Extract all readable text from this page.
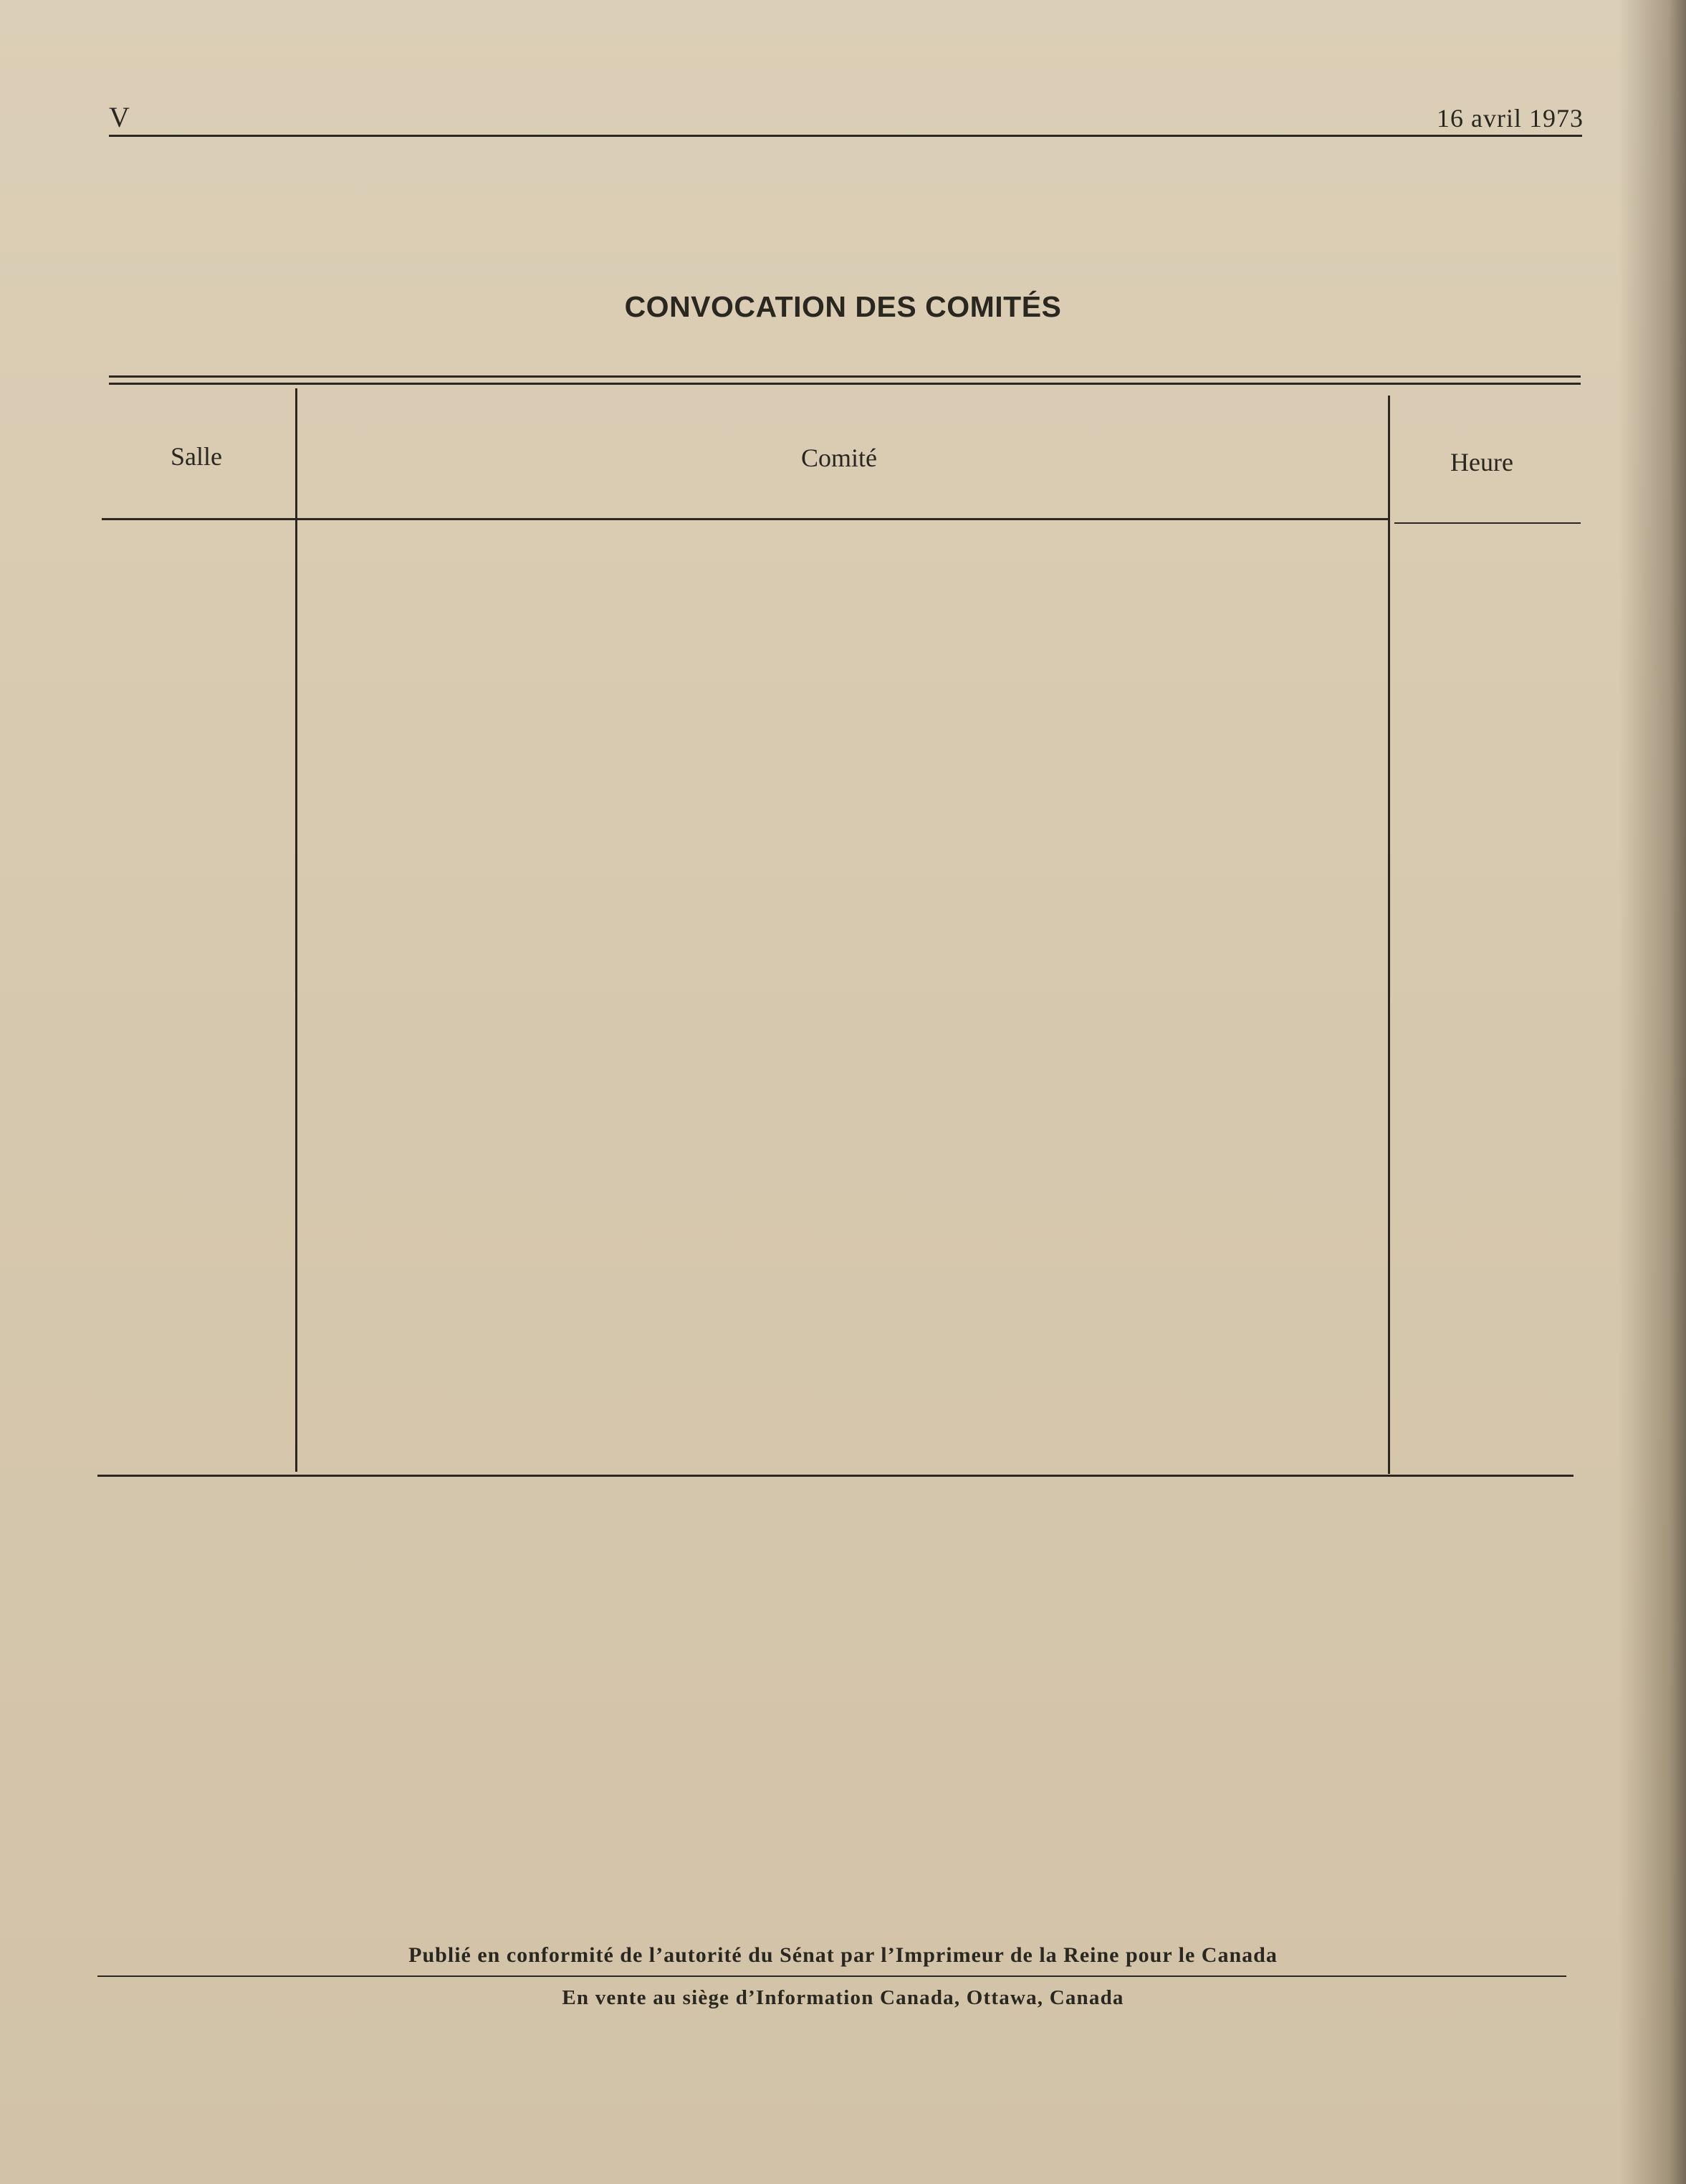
V	16 avril 1973
CONVOCATION DES COMITÉS
Salle	Comité	Heure
Publié en conformité de l’autorité du Sénat par l’Imprimeur de la Reine pour le Canada
En vente au siège d’Information Canada, Ottawa, Canada
